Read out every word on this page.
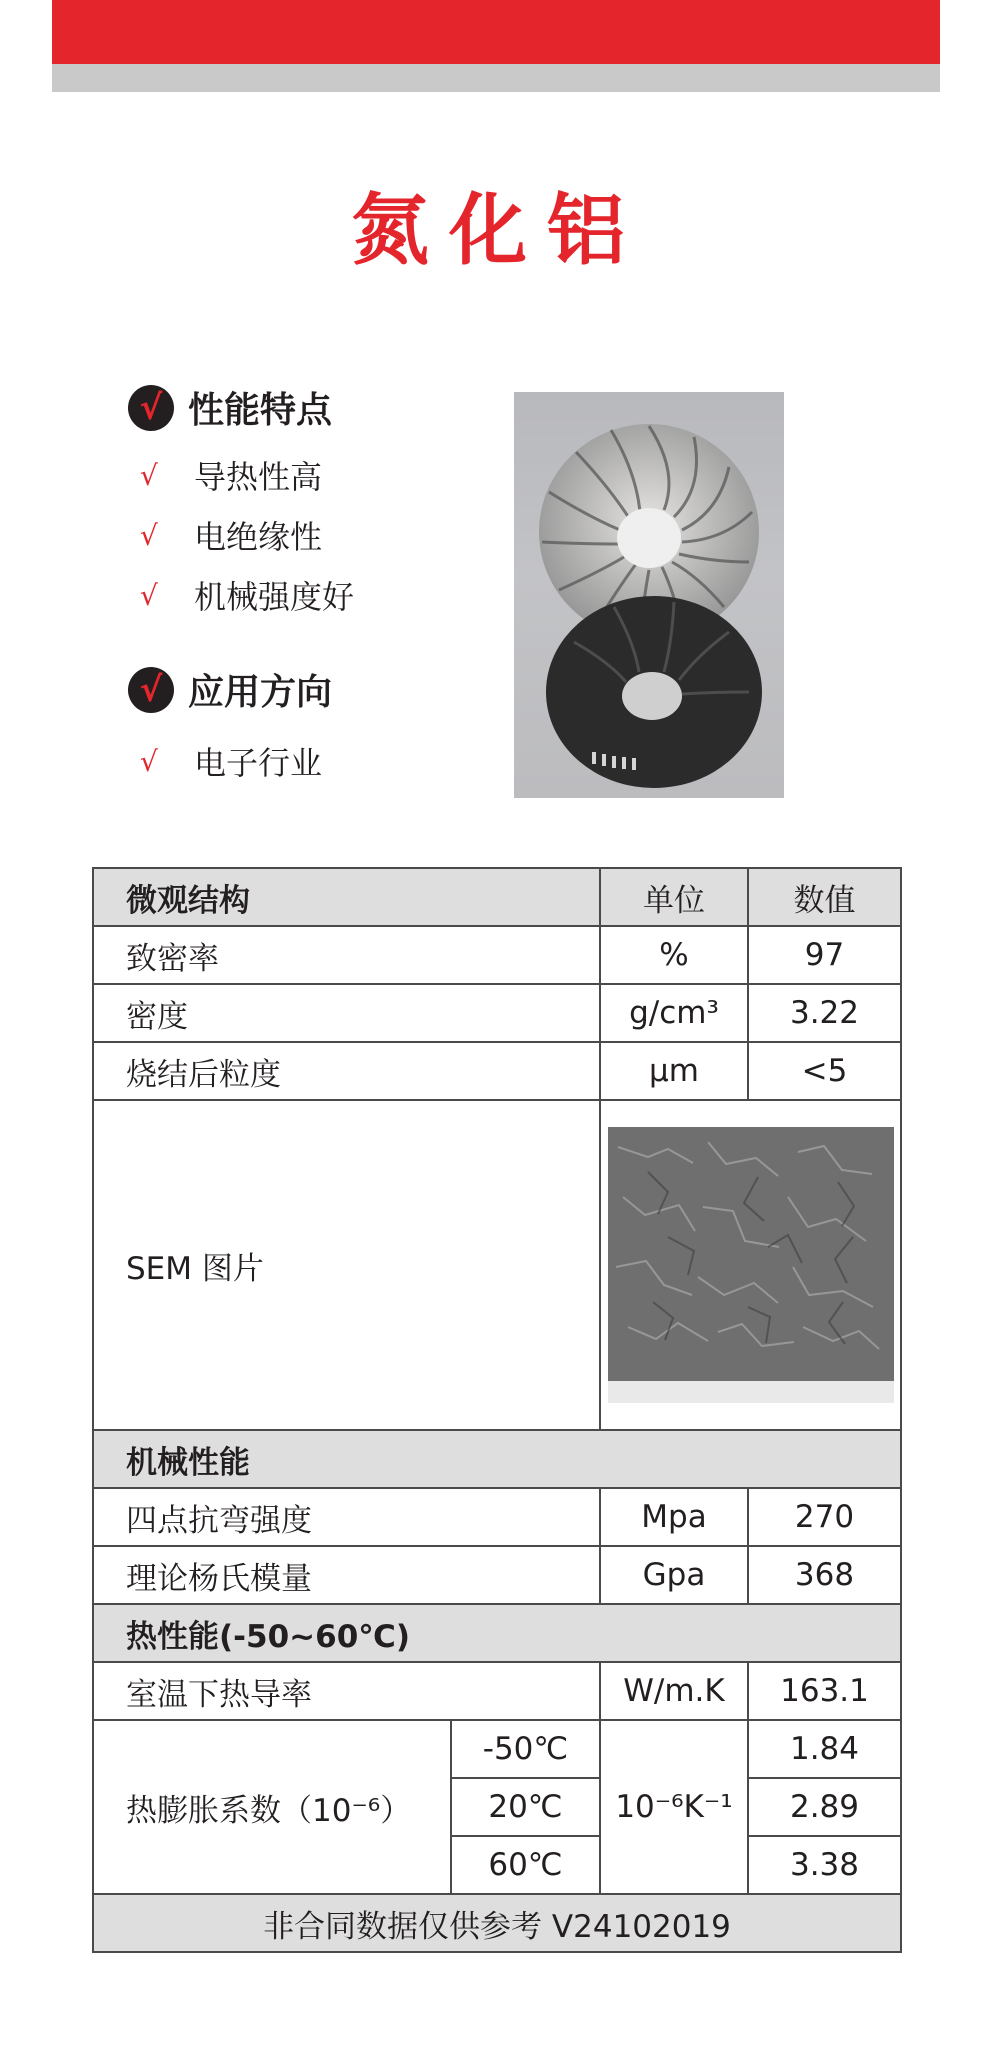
氮化铝
√ 性能特点
√	导热性高
√	电绝缘性
√	机械强度好
√ 应用方向
√	电子行业
微观结构		单位	数值
致密率		%	97
密度		g/cm³	3.22
烧结后粒度		μm	<5
SEM 图片	

机械性能			
四点抗弯强度		Mpa	270
理论杨氏模量		Gpa	368
热性能(-50~60℃)			
室温下热导率		W/m.K	163.1
热膨胀系数（10⁻⁶）	-50℃	10⁻⁶K⁻¹	1.84
	20℃		2.89
	60℃		3.38
非合同数据仅供参考 V24102019			
